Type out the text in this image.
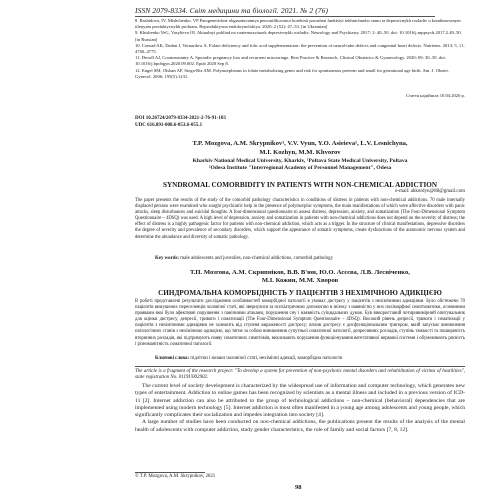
ISSN 2079-8334. Світ медицини та біології. 2021. № 2 (76)

8. Rashidova, IV, Mishchenko, VP Patogenetichne obgruntuvannya personifikovanoi korektsii porushen funktsiyi tekhnichnoho stanu ta depresivnykh rozladiv u kombinovanym tilenyam produktyvnykh prohram. Reproduktyvna endokrynolohiya. 2020; 2 (52): 47–53. [in Ukrainian]

9. Khishenko VeG, Vasylieva OI. Aktualnyi pohliad na vzaiemozviazok depresivnykh rozladiv. Neurology and Psychiatry. 2017; 2: 40–50. doi: 10.1016/j.mppsych.2017.2.49–50. [in Russian]

10. Conrad AK, Dadan J, Vernardow A. Folate deficiency and folic acid supplementation: the prevention of neural-tube defects and congenital heart defects. Nutrients. 2013; 5, 11: 4760–4775.

11. Devall AJ, Coomarasamy A. Sporadic pregnancy loss and recurrent miscarriage. Best Practice & Research. Clinical Obstetrics & Gynaecology. 2020; 69: 30–39. doi: 10.1016/j.bpobgyn.2020.09.002. Epub 2020 Sep 8.

12. Engel SM, Olshan AF, Siega-Riz AM. Polymorphisms in folate metabolizing genes and risk for spontaneous preterm and small for gestational age birth. Am. J. Obstet. Gynecol. 2006; 195(5):1231.

Стаття надійшла 10.04.2020 р.
DOI 10.26724/2079-8334-2021-2-76-91-103
UDC 616.891-008.6-053.6-055.1
T.P. Mozgova, A.M. Skrypnikov¹, V.V. Vyun, Y.O. Asieieva¹, L.V. Lesnichyna,
M.I. Kozhyn, M.M. Khvorov
Kharkiv National Medical University, Kharkiv, ¹Poltava State Medical University, Poltava
²Odesa Institute "Interregional Academy of Personnel Management", Odesa
SYNDROMAL COMORBIDITY IN PATIENTS WITH NON-CHEMICAL ADDICTION
e-mail: ahkordyn@88@gmail.com
The paper presents the results of the study of the comorbid pathology characteristics in conditions of distress in patients with non-chemical addictions. 70 male internally displaced persons were examined who sought psychiatric help in the presence of polymorphic symptoms, the main manifestations of which were affective disorders with panic attacks, sleep disturbances and suicidal thoughts. A four-dimensional questionnaire to assess distress, depression, anxiety, and somatization (The Four-Dimensional Symptom Questionnaire – 4DSQ) was used. A high level of depression, anxiety and somatization in patients with non-chemical addictions does not depend on the severity of distress; the effect of distress is a highly pathogenic factor for patients with non-chemical addiction, which acts as a trigger. In the structure of clinical manifestations, depressive disorders the degree of severity and prevalence of secondary disorders, which support the appearance of somatic symptoms, create dysfunctions of the autonomic nervous system and determine the abundance and diversity of somatic pathology.
Key words: male adolescents and juveniles, non-chemical addictions, comorbid pathology
Т.П. Мозгова, А.М. Скрипніков, В.В. В'юн, Ю.О. Асєєва, Л.В. Лесніченко,
М.І. Кожин, М.М. Хворов
СИНДРОМАЛЬНА КОМОРБІДНІСТЬ У ПАЦІЄНТІВ З НЕХІМІЧНОЮ АДИКЦІЄЮ
В роботі представлені результати дослідження особливостей коморбідної патології в умовах дистресу у пацієнтів з нехімічними адикціями. Було обстежено 70 пацієнтів вимушених переселенців чоловічої статі, які звернулися за психіатричною допомогою в зв'язку з наявністю у них поліморфної симптоматики, основними проявами якої були афективні порушення з панічними атаками, порушення сну і наявність суїцидальних думок. Був використаний чотиривимірний опитувальник для оцінки дистресу, депресії, тривоги і соматизації (The Four-Dimensional Symptom Questionnaire – 4DSQ). Високий рівень депресії, тривоги і соматизації у пацієнтів з нехімічними адикціями не залежить від ступеня вираженості дистресу; вплив дистресу є дисфункціональним тригером, який запускає виникнення патологічних станів з нехімічною адикцією, що тягне за собою виникнення супутньої соматичної патології, депресивних розладів, ступінь тяжкості та поширеність вторинних розладів, які підтримують появу соматичних симптомів, викликають порушення функціонування вегетативної нервової системи і обумовлюють рясність і різноманітність соматичної патології.
Ключові слова: підлітки і юнаки чоловічої статі, нехімічні адикції, коморбідна патологія
The article is a fragment of the research project: "To develop a system for prevention of non-psychotic mental disorders and rehabilitation of victims of hostilities", state registration No. 0119U002902.

The current level of society development is characterized by the widespread use of information and computer technology, which generates new types of entertainment. Addiction to online games has been recognized by scientists as a mental illness and included in a previous version of ICD-11 [2]. Internet addiction can also be attributed to the group of technological addictions – non-chemical (behavioral) dependencies that are implemented using modern technology [5]. Internet addiction is most often manifested in a young age among adolescents and young people, which significantly complicates their socialization and impedes integration into society [4].

A large number of studies have been conducted on non-chemical addictions, the publications present the results of the analysis of the mental health of adolescents with computer addiction, study gender characteristics, the role of family and social factors [7, 8, 12].

© T.P. Mozgova, A.M. Skrypnikov, 2021
98
